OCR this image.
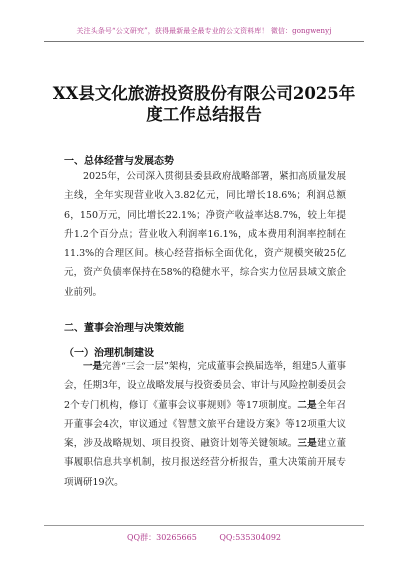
关注头条号“公文研究”，获得最新最全最专业的公文资料库！ 微信：gongwenyj
XX县文化旅游投资股份有限公司2025年
度工作总结报告
一、总体经营与发展态势
2025年，公司深入贯彻县委县政府战略部署，紧扣高质量发展主线，全年实现营业收入3.82亿元，同比增长18.6%；利润总额6，150万元，同比增长22.1%；净资产收益率达8.7%，较上年提升1.2个百分点；营业收入利润率16.1%，成本费用利润率控制在11.3%的合理区间。核心经营指标全面优化，资产规模突破25亿元，资产负债率保持在58%的稳健水平，综合实力位居县域文旅企业前列。
二、董事会治理与决策效能
（一）治理机制建设
一是完善“三会一层”架构，完成董事会换届选举，组建5人董事会，任期3年，设立战略发展与投资委员会、审计与风险控制委员会2个专门机构，修订《董事会议事规则》等17项制度。二是全年召开董事会4次，审议通过《智慧文旅平台建设方案》等12项重大议案，涉及战略规划、项目投资、融资计划等关键领域。三是建立董事履职信息共享机制，按月报送经营分析报告，重大决策前开展专项调研19次。
QQ群：30265665	QQ:535304092
